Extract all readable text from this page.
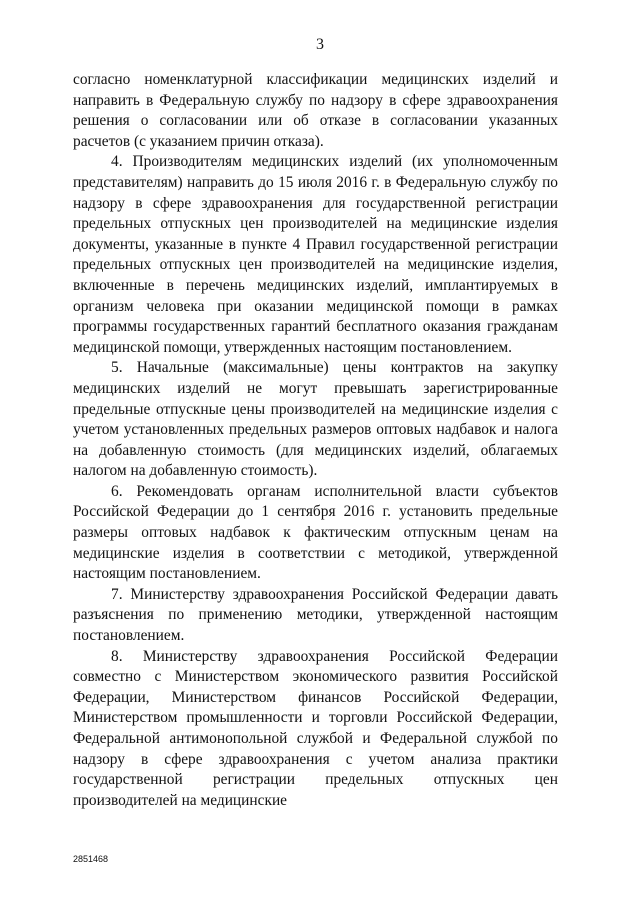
3

согласно номенклатурной классификации медицинских изделий и направить в Федеральную службу по надзору в сфере здравоохранения решения о согласовании или об отказе в согласовании указанных расчетов (с указанием причин отказа).

4. Производителям медицинских изделий (их уполномоченным представителям) направить до 15 июля 2016 г. в Федеральную службу по надзору в сфере здравоохранения для государственной регистрации предельных отпускных цен производителей на медицинские изделия документы, указанные в пункте 4 Правил государственной регистрации предельных отпускных цен производителей на медицинские изделия, включенные в перечень медицинских изделий, имплантируемых в организм человека при оказании медицинской помощи в рамках программы государственных гарантий бесплатного оказания гражданам медицинской помощи, утвержденных настоящим постановлением.

5. Начальные (максимальные) цены контрактов на закупку медицинских изделий не могут превышать зарегистрированные предельные отпускные цены производителей на медицинские изделия с учетом установленных предельных размеров оптовых надбавок и налога на добавленную стоимость (для медицинских изделий, облагаемых налогом на добавленную стоимость).

6. Рекомендовать органам исполнительной власти субъектов Российской Федерации до 1 сентября 2016 г. установить предельные размеры оптовых надбавок к фактическим отпускным ценам на медицинские изделия в соответствии с методикой, утвержденной настоящим постановлением.

7. Министерству здравоохранения Российской Федерации давать разъяснения по применению методики, утвержденной настоящим постановлением.

8. Министерству здравоохранения Российской Федерации совместно с Министерством экономического развития Российской Федерации, Министерством финансов Российской Федерации, Министерством промышленности и торговли Российской Федерации, Федеральной антимонопольной службой и Федеральной службой по надзору в сфере здравоохранения с учетом анализа практики государственной регистрации предельных отпускных цен производителей на медицинские

2851468
